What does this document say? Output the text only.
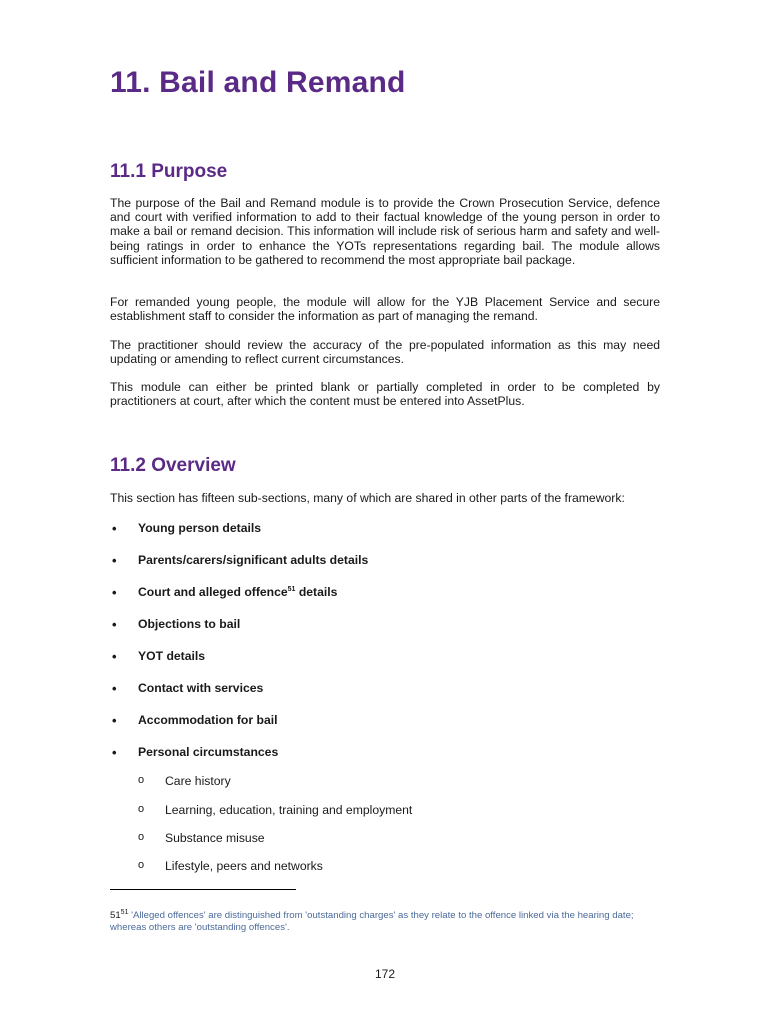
11. Bail and Remand
11.1 Purpose

The purpose of the Bail and Remand module is to provide the Crown Prosecution Service, defence and court with verified information to add to their factual knowledge of the young person in order to make a bail or remand decision. This information will include risk of serious harm and safety and well-being ratings in order to enhance the YOTs representations regarding bail. The module allows sufficient information to be gathered to recommend the most appropriate bail package.

For remanded young people, the module will allow for the YJB Placement Service and secure establishment staff to consider the information as part of managing the remand.

The practitioner should review the accuracy of the pre-populated information as this may need updating or amending to reflect current circumstances.

This module can either be printed blank or partially completed in order to be completed by practitioners at court, after which the content must be entered into AssetPlus.

11.2 Overview

This section has fifteen sub-sections, many of which are shared in other parts of the framework:

• Young person details
• Parents/carers/significant adults details
• Court and alleged offence$^{51}$ details
• Objections to bail
• YOT details
• Contact with services
• Accommodation for bail
• Personal circumstances
o Care history
o Learning, education, training and employment
o Substance misuse
o Lifestyle, peers and networks
51$^{51}$ 'Alleged offences' are distinguished from 'outstanding charges' as they relate to the offence linked via the hearing date; whereas others are 'outstanding offences'.
172
